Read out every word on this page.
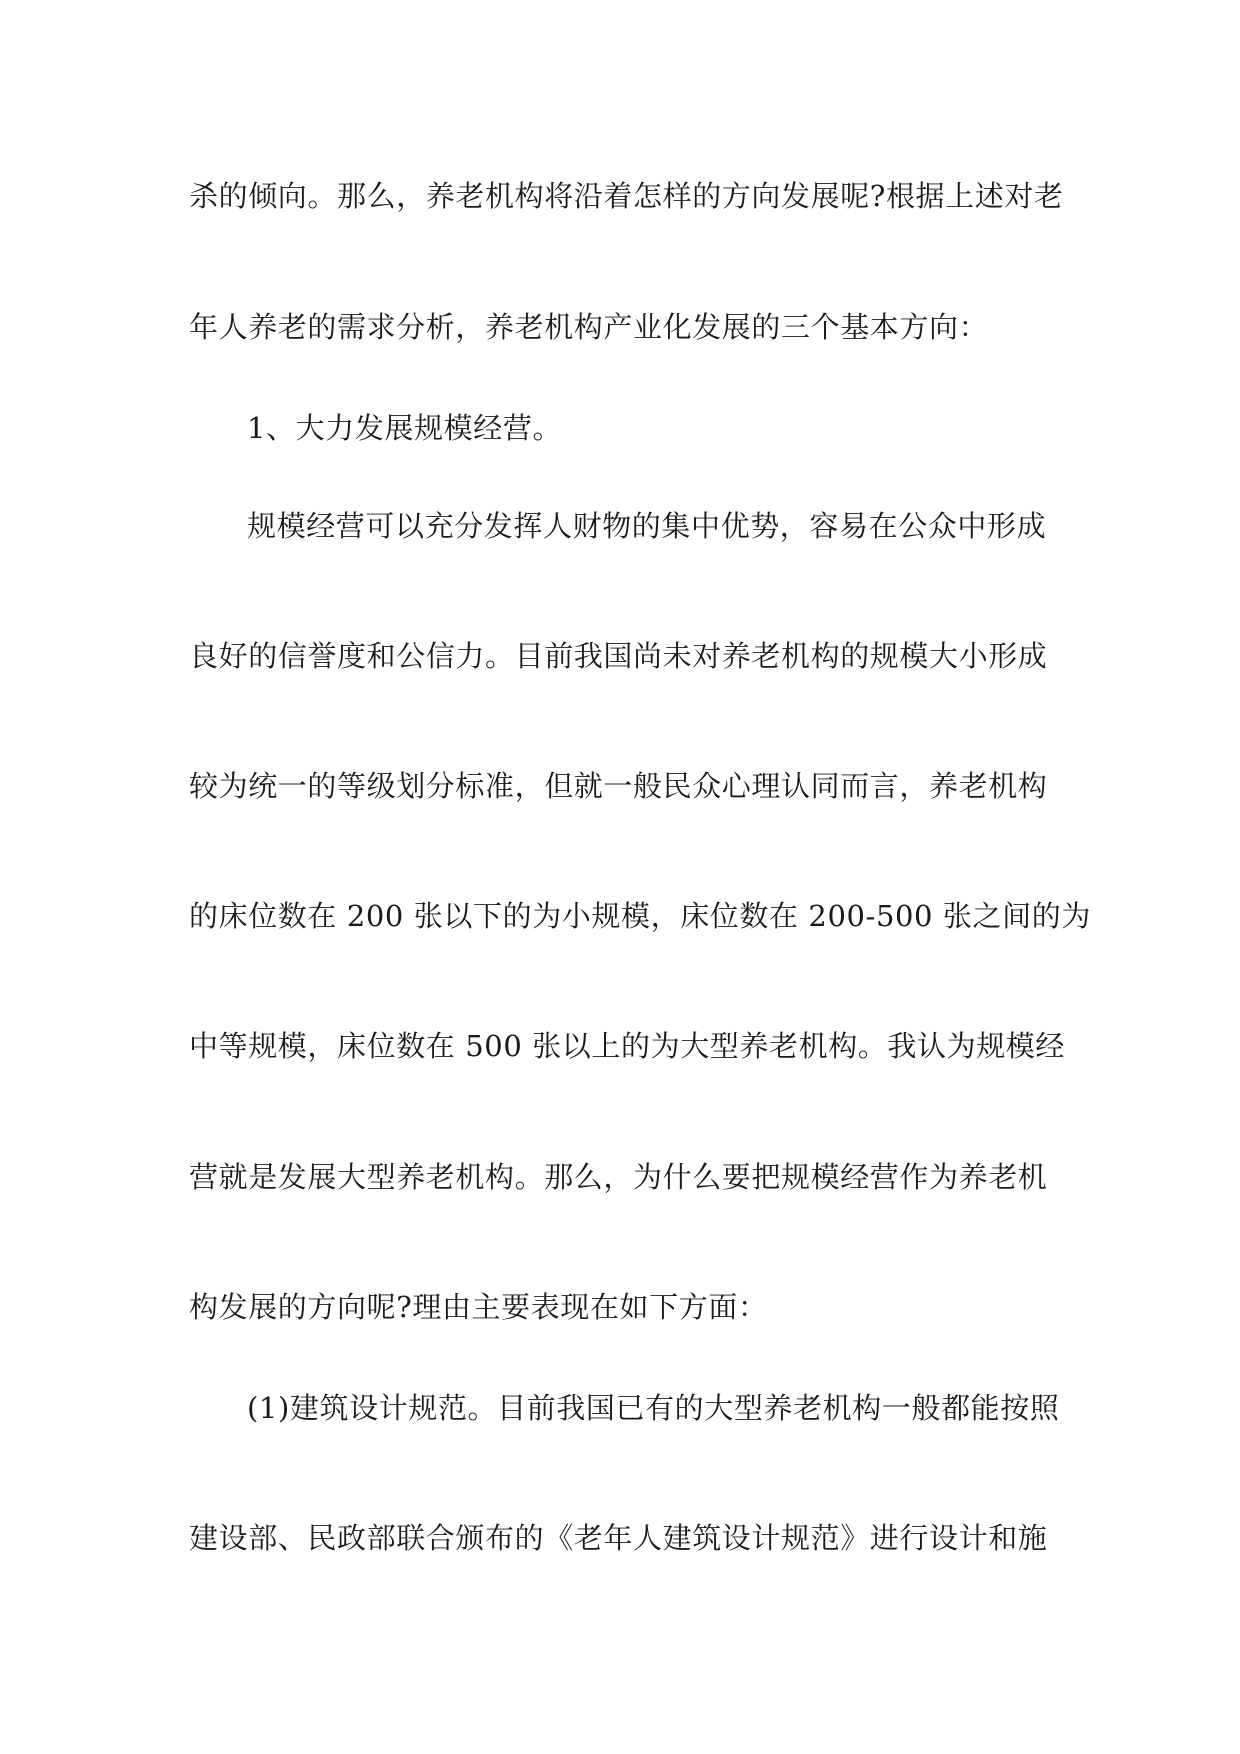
杀的倾向。那么，养老机构将沿着怎样的方向发展呢?根据上述对老
年人养老的需求分析，养老机构产业化发展的三个基本方向：
1、大力发展规模经营。
规模经营可以充分发挥人财物的集中优势，容易在公众中形成
良好的信誉度和公信力。目前我国尚未对养老机构的规模大小形成
较为统一的等级划分标准，但就一般民众心理认同而言，养老机构
的床位数在 200 张以下的为小规模，床位数在 200-500 张之间的为
中等规模，床位数在 500 张以上的为大型养老机构。我认为规模经
营就是发展大型养老机构。那么，为什么要把规模经营作为养老机
构发展的方向呢?理由主要表现在如下方面：
(1)建筑设计规范。目前我国已有的大型养老机构一般都能按照
建设部、民政部联合颁布的《老年人建筑设计规范》进行设计和施
